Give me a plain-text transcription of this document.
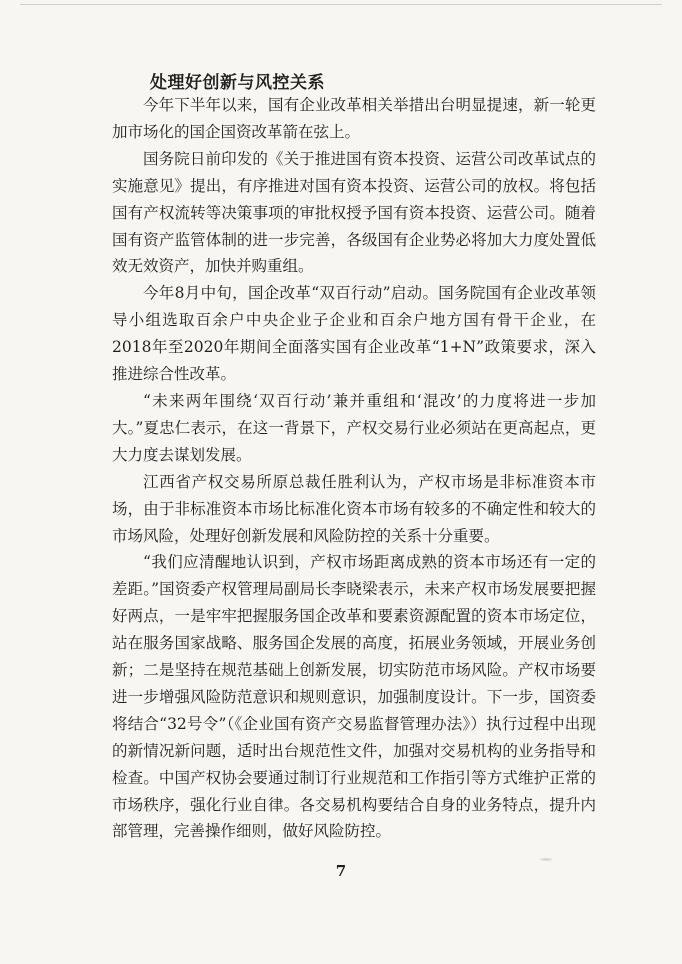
处理好创新与风控关系

今年下半年以来，国有企业改革相关举措出台明显提速，新一轮更加市场化的国企国资改革箭在弦上。

国务院日前印发的《关于推进国有资本投资、运营公司改革试点的实施意见》提出，有序推进对国有资本投资、运营公司的放权。将包括国有产权流转等决策事项的审批权授予国有资本投资、运营公司。随着国有资产监管体制的进一步完善，各级国有企业势必将加大力度处置低效无效资产，加快并购重组。

今年8月中旬，国企改革“双百行动”启动。国务院国有企业改革领导小组选取百余户中央企业子企业和百余户地方国有骨干企业，在2018年至2020年期间全面落实国有企业改革“1+N”政策要求，深入推进综合性改革。

“未来两年围绕‘双百行动’兼并重组和‘混改’的力度将进一步加大。”夏忠仁表示，在这一背景下，产权交易行业必须站在更高起点，更大力度去谋划发展。

江西省产权交易所原总裁任胜利认为，产权市场是非标准资本市场，由于非标准资本市场比标准化资本市场有较多的不确定性和较大的市场风险，处理好创新发展和风险防控的关系十分重要。

“我们应清醒地认识到，产权市场距离成熟的资本市场还有一定的差距。”国资委产权管理局副局长李晓梁表示，未来产权市场发展要把握好两点，一是牢牢把握服务国企改革和要素资源配置的资本市场定位，站在服务国家战略、服务国企发展的高度，拓展业务领域，开展业务创新；二是坚持在规范基础上创新发展，切实防范市场风险。产权市场要进一步增强风险防范意识和规则意识，加强制度设计。下一步，国资委将结合“32号令”（《企业国有资产交易监督管理办法》）执行过程中出现的新情况新问题，适时出台规范性文件，加强对交易机构的业务指导和检查。中国产权协会要通过制订行业规范和工作指引等方式维护正常的市场秩序，强化行业自律。各交易机构要结合自身的业务特点，提升内部管理，完善操作细则，做好风险防控。

7
